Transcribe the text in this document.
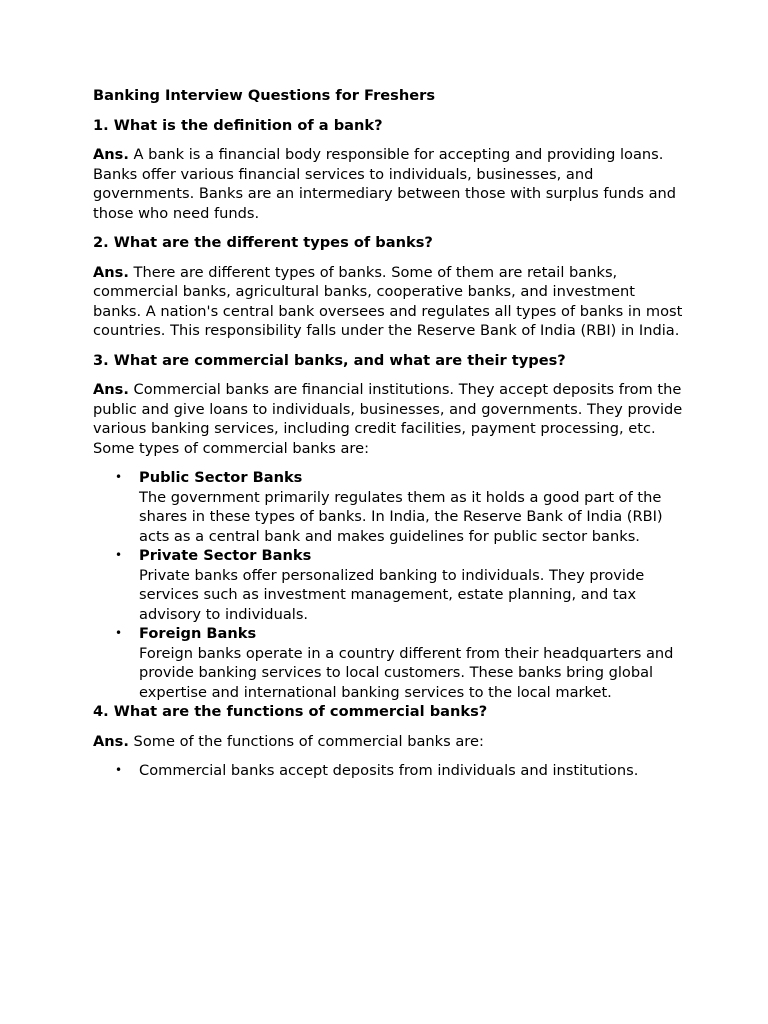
Banking Interview Questions for Freshers
1. What is the definition of a bank?
Ans. A bank is a financial body responsible for accepting and providing loans. Banks offer various financial services to individuals, businesses, and governments. Banks are an intermediary between those with surplus funds and those who need funds.
2. What are the different types of banks?
Ans. There are different types of banks. Some of them are retail banks, commercial banks, agricultural banks, cooperative banks, and investment banks. A nation's central bank oversees and regulates all types of banks in most countries. This responsibility falls under the Reserve Bank of India (RBI) in India.
3. What are commercial banks, and what are their types?
Ans. Commercial banks are financial institutions. They accept deposits from the public and give loans to individuals, businesses, and governments. They provide various banking services, including credit facilities, payment processing, etc. Some types of commercial banks are:
• Public Sector Banks
The government primarily regulates them as it holds a good part of the shares in these types of banks. In India, the Reserve Bank of India (RBI) acts as a central bank and makes guidelines for public sector banks.
• Private Sector Banks
Private banks offer personalized banking to individuals. They provide services such as investment management, estate planning, and tax advisory to individuals.
• Foreign Banks
Foreign banks operate in a country different from their headquarters and provide banking services to local customers. These banks bring global expertise and international banking services to the local market.
4. What are the functions of commercial banks?
Ans. Some of the functions of commercial banks are:
• Commercial banks accept deposits from individuals and institutions.
